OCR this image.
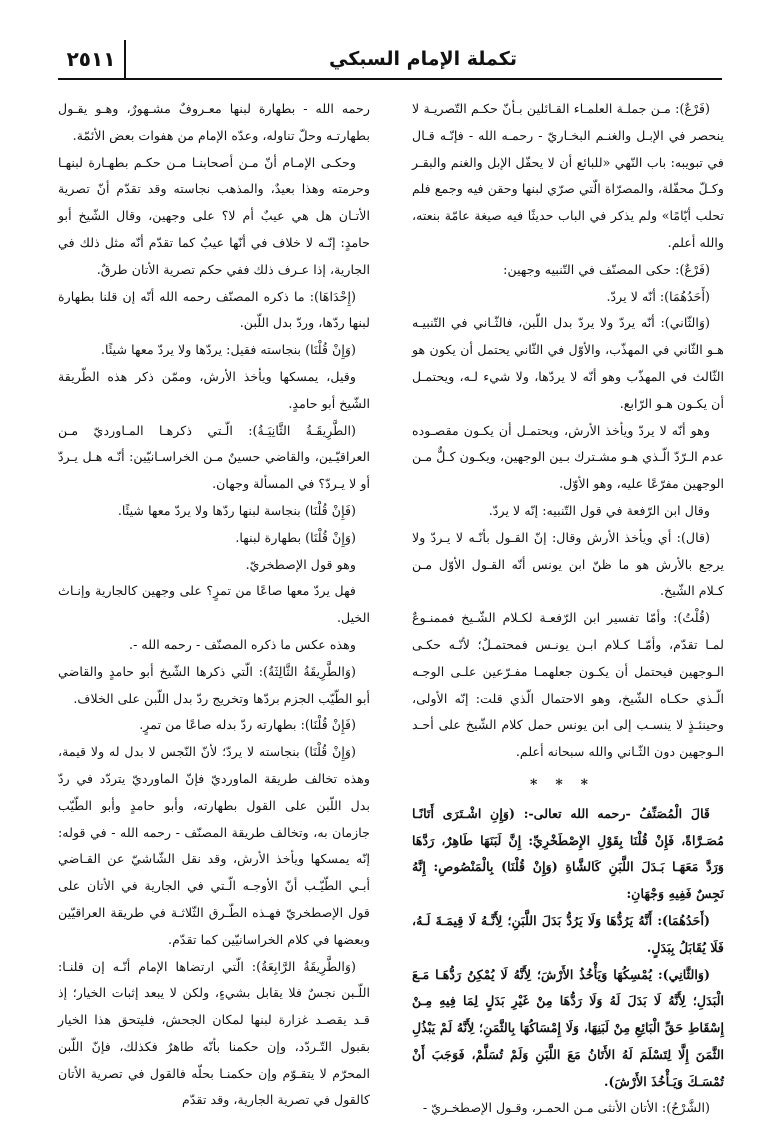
٢٥١١	تكملة الإمام السبكي

(فَرْعٌ): مـن جملـة العلمـاء القـائلين بـأنّ حكـم التّصريـة لا ينحصر في الإبـل والغنـم البخـاريّ - رحمـه الله - فإنّـه قـال في تبويبه: باب النّهي «للبائع أن لا يحفّل الإبل والغنم والبقـر وكـلّ محفّلة، والمصرّاة الّتي صرّي لبنها وحقن فيه وجمع فلم تحلب أيّامًا» ولم يذكر في الباب حديثًا فيه صيغة عامّة بنعته، والله أعلم.

(فَرْعٌ): حكى المصنّف في التّنبيه وجهين:

(أَحَدُهُمَا): أنّه لا يردّ.

(وَالثّاني): أنّه يردّ ولا يردّ بدل اللّبن، فالثّـاني في التّنبيـه هـو الثّاني في المهذّب، والأوّل في الثّاني يحتمل أن يكون هو الثّالث في المهذّب وهو أنّه لا يردّها، ولا شيء لـه، ويحتمـل أن يكـون هـو الرّابع.

وهو أنّه لا يردّ ويأخذ الأرش، ويحتمـل أن يكـون مقصـوده عدم الـرّدّ الّـذي هـو مشـترك بـين الوجهين، ويكـون كـلٌّ مـن الوجهين مفرّعًا عليه، وهو الأوّل.

وقال ابن الرّفعة في قول التّنبيه: إنّه لا يردّ.

(قال): أي ويأخذ الأرش وقال: إنّ القـول بأنّـه لا يـردّ ولا يرجع بالأرش هو ما ظنّ ابن يونس أنّه القـول الأوّل مـن كـلام الشّيخ.

(قُلْتُ): وأمّا تفسير ابن الرّفعـة لكـلام الشّـيخ فممنـوعٌ لمـا تقدّم، وأمّـا كـلام ابـن يونـس فمحتمـلٌ؛ لأنّـه حكـى الـوجهين فيحتمل أن يكـون جعلهمـا مفـرّعين علـى الوجـه الّـذي حكـاه الشّيخ، وهو الاحتمال الّذي قلت: إنّه الأولى، وحينئـذٍ لا ينسـب إلى ابن يونس حمل كلام الشّيخ على أحـد الـوجهين دون الثّـاني والله سبحانه أعلم.

***

قَالَ الْمُصَنِّفُ -رحمه الله تعالى-: (وَإِنِ اشْـتَرَى أَتَانًـا مُصَـرَّاةً، فَإِنْ قُلْنَا بِقَوْلِ الإِصْطَخْرِيِّ: إِنَّ لَبَنَهَا طَاهِرٌ، رَدَّهَا وَرَدَّ مَعَهَـا بَـدَلَ اللَّبَنِ كَالشَّاةِ (وَإِنْ قُلْنَا) بِالْمَنْصُوصِ: إِنَّهُ نَجِسٌ فَفِيهِ وَجْهَانِ:

(أَحَدُهُمَا): أَنَّهُ يَرُدُّهَا وَلَا يَرُدُّ بَدَلَ اللَّبَنِ؛ لِأَنَّـهُ لَا قِيمَـةَ لَـهُ، فَلَا يُقَابَلُ بِبَدَلٍ.

(وَالثَّانِي): يُمْسِكُهَا وَيَأْخُذُ الأَرْشَ؛ لِأَنَّهُ لَا يُمْكِنُ رَدُّهَـا مَـعَ الْبَدَلِ؛ لِأَنَّهُ لَا بَدَلَ لَهُ وَلَا رَدُّهَا مِنْ غَيْرِ بَدَلٍ لِمَا فِيهِ مِـنْ إِسْقَاطِ حَقِّ الْبَائِعِ مِنْ لَبَنِهَا، وَلَا إِمْسَاكُهَا بِالثَّمَنِ؛ لِأَنَّهُ لَمْ يَبْذُلِ الثَّمَنَ إِلَّا لِتَسْلَمَ لَهُ الأَتَانُ مَعَ اللَّبَنِ وَلَمْ تُسَلَّمْ، فَوَجَبَ أَنْ تُمْسَـكَ وَيَـأْخُذَ الأَرْشَ).

(الشَّرْحُ): الأتان الأنثى مـن الحمـر، وقـول الإصطخـريّ -

رحمه الله - بطهارة لبنها معـروفٌ مشـهورٌ، وهـو يقـول بطهارتـه وحلّ تناوله، وعدّه الإمام من هفوات بعض الأئمّة.

وحكـى الإمـام أنّ مـن أصحابنـا مـن حكـم بطهـارة لبنهـا وحرمته وهذا بعيدٌ، والمذهب نجاسته وقد تقدّم أنّ تصرية الأتـان هل هي عيبٌ أم لا؟ على وجهين، وقال الشّيخ أبو حامدٍ: إنّـه لا خلاف في أنّها عيبٌ كما تقدّم أنّه مثل ذلك في الجارية، إذا عـرف ذلك ففي حكم تصرية الأتان طرقٌ.

(إِحْدَاهَا): ما ذكره المصنّف رحمه الله أنّه إن قلنا بطهارة لبنها ردّها، وردّ بدل اللّبن.

(وَإِنْ قُلْنَا) بنجاسته فقيل: يردّها ولا يردّ معها شيئًا.

وقيل، يمسكها ويأخذ الأرش، وممّن ذكر هذه الطّريقة الشّيخ أبو حامدٍ.

(الطَّرِيقَـةُ الثَّانِيَـةُ): الّـتي ذكرهـا المـاورديّ مـن العراقيّـين، والقاضي حسينٌ مـن الخراسـانيّين: أنّـه هـل يـردّ أو لا يـردّ؟ في المسألة وجهان.

(فَإِنْ قُلْنَا) بنجاسة لبنها ردّها ولا يردّ معها شيئًا.

(وَإِنْ قُلْنَا) بطهارة لبنها.

وهو قول الإصطخريّ.

فهل يردّ معها صاعًا من تمرٍ؟ على وجهين كالجارية وإنـاث الخيل.

وهذه عكس ما ذكره المصنّف - رحمه الله -.

(وَالطَّرِيقَةُ الثَّالِثَةُ): الّتي ذكرها الشّيخ أبو حامدٍ والقاضي أبو الطّيّب الجزم بردّها وتخريج ردّ بدل اللّبن على الخلاف.

(فَإِنْ قُلْنَا): بطهارته ردّ بدله صاعًا من تمرٍ.

(وَإِنْ قُلْنَا) بنجاسته لا يردّ؛ لأنّ النّجس لا بدل له ولا قيمة، وهذه تخالف طريقة الماورديّ فإنّ الماورديّ يتردّد في ردّ بدل اللّبن على القول بطهارته، وأبو حامدٍ وأبو الطّيّب جازمان به، وتخالف طريقة المصنّف - رحمه الله - في قوله: إنّه يمسكها ويأخذ الأرش، وقد نقل الشّاشيّ عن القـاضي أبـي الطّيّـب أنّ الأوجـه الّـتي في الجارية في الأتان على قول الإصطخريّ فهـذه الطّـرق الثّلاثـة في طريقة العراقيّين وبعضها في كلام الخراسانيّين كما تقدّم.

(وَالطَّرِيقَةُ الرَّابِعَةُ): الّتي ارتضاها الإمام أنّـه إن قلنـا: اللّـبن نجسٌ فلا يقابل بشيءٍ، ولكن لا يبعد إثبات الخيار؛ إذ قـد يقصـد غزارة لبنها لمكان الجحش، فليتحق هذا الخيار بقبول التّـردّد، وإن حكمنا بأنّه طاهرٌ فكذلك، فإنّ اللّبن المحرّم لا يتقـوّم وإن حكمنـا بحلّه فالقول في تصرية الأتان كالقول في تصرية الجارية، وقد تقدّم
